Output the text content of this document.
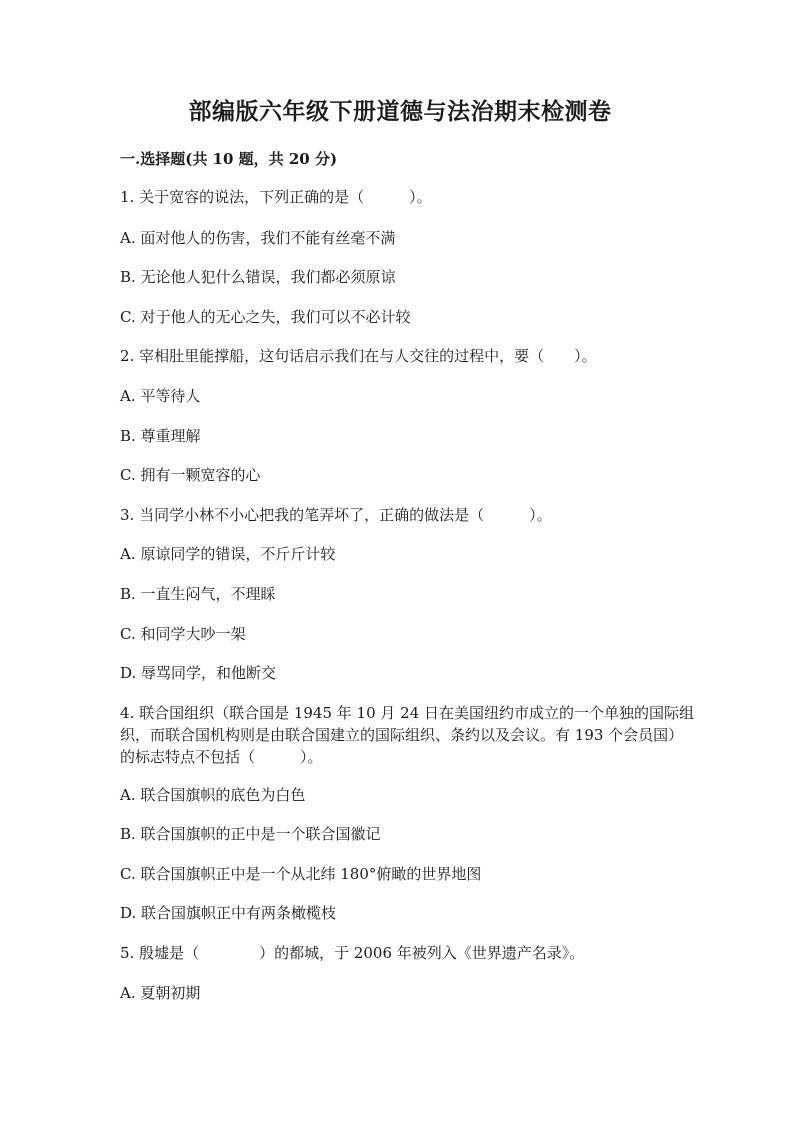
部编版六年级下册道德与法治期末检测卷
一.选择题(共 10 题，共 20 分)
1. 关于宽容的说法，下列正确的是（　　　）。
A. 面对他人的伤害，我们不能有丝毫不满
B. 无论他人犯什么错误，我们都必须原谅
C. 对于他人的无心之失，我们可以不必计较
2. 宰相肚里能撑船，这句话启示我们在与人交往的过程中，要（　　）。
A. 平等待人
B. 尊重理解
C. 拥有一颗宽容的心
3. 当同学小林不小心把我的笔弄坏了，正确的做法是（　　　）。
A. 原谅同学的错误，不斤斤计较
B. 一直生闷气，不理睬
C. 和同学大吵一架
D. 辱骂同学，和他断交
4. 联合国组织（联合国是 1945 年 10 月 24 日在美国纽约市成立的一个单独的国际组织，而联合国机构则是由联合国建立的国际组织、条约以及会议。有 193 个会员国）的标志特点不包括（　　　）。
A. 联合国旗帜的底色为白色
B. 联合国旗帜的正中是一个联合国徽记
C. 联合国旗帜正中是一个从北纬 180°俯瞰的世界地图
D. 联合国旗帜正中有两条橄榄枝
5. 殷墟是（　　　　）的都城，于 2006 年被列入《世界遗产名录》。
A. 夏朝初期
